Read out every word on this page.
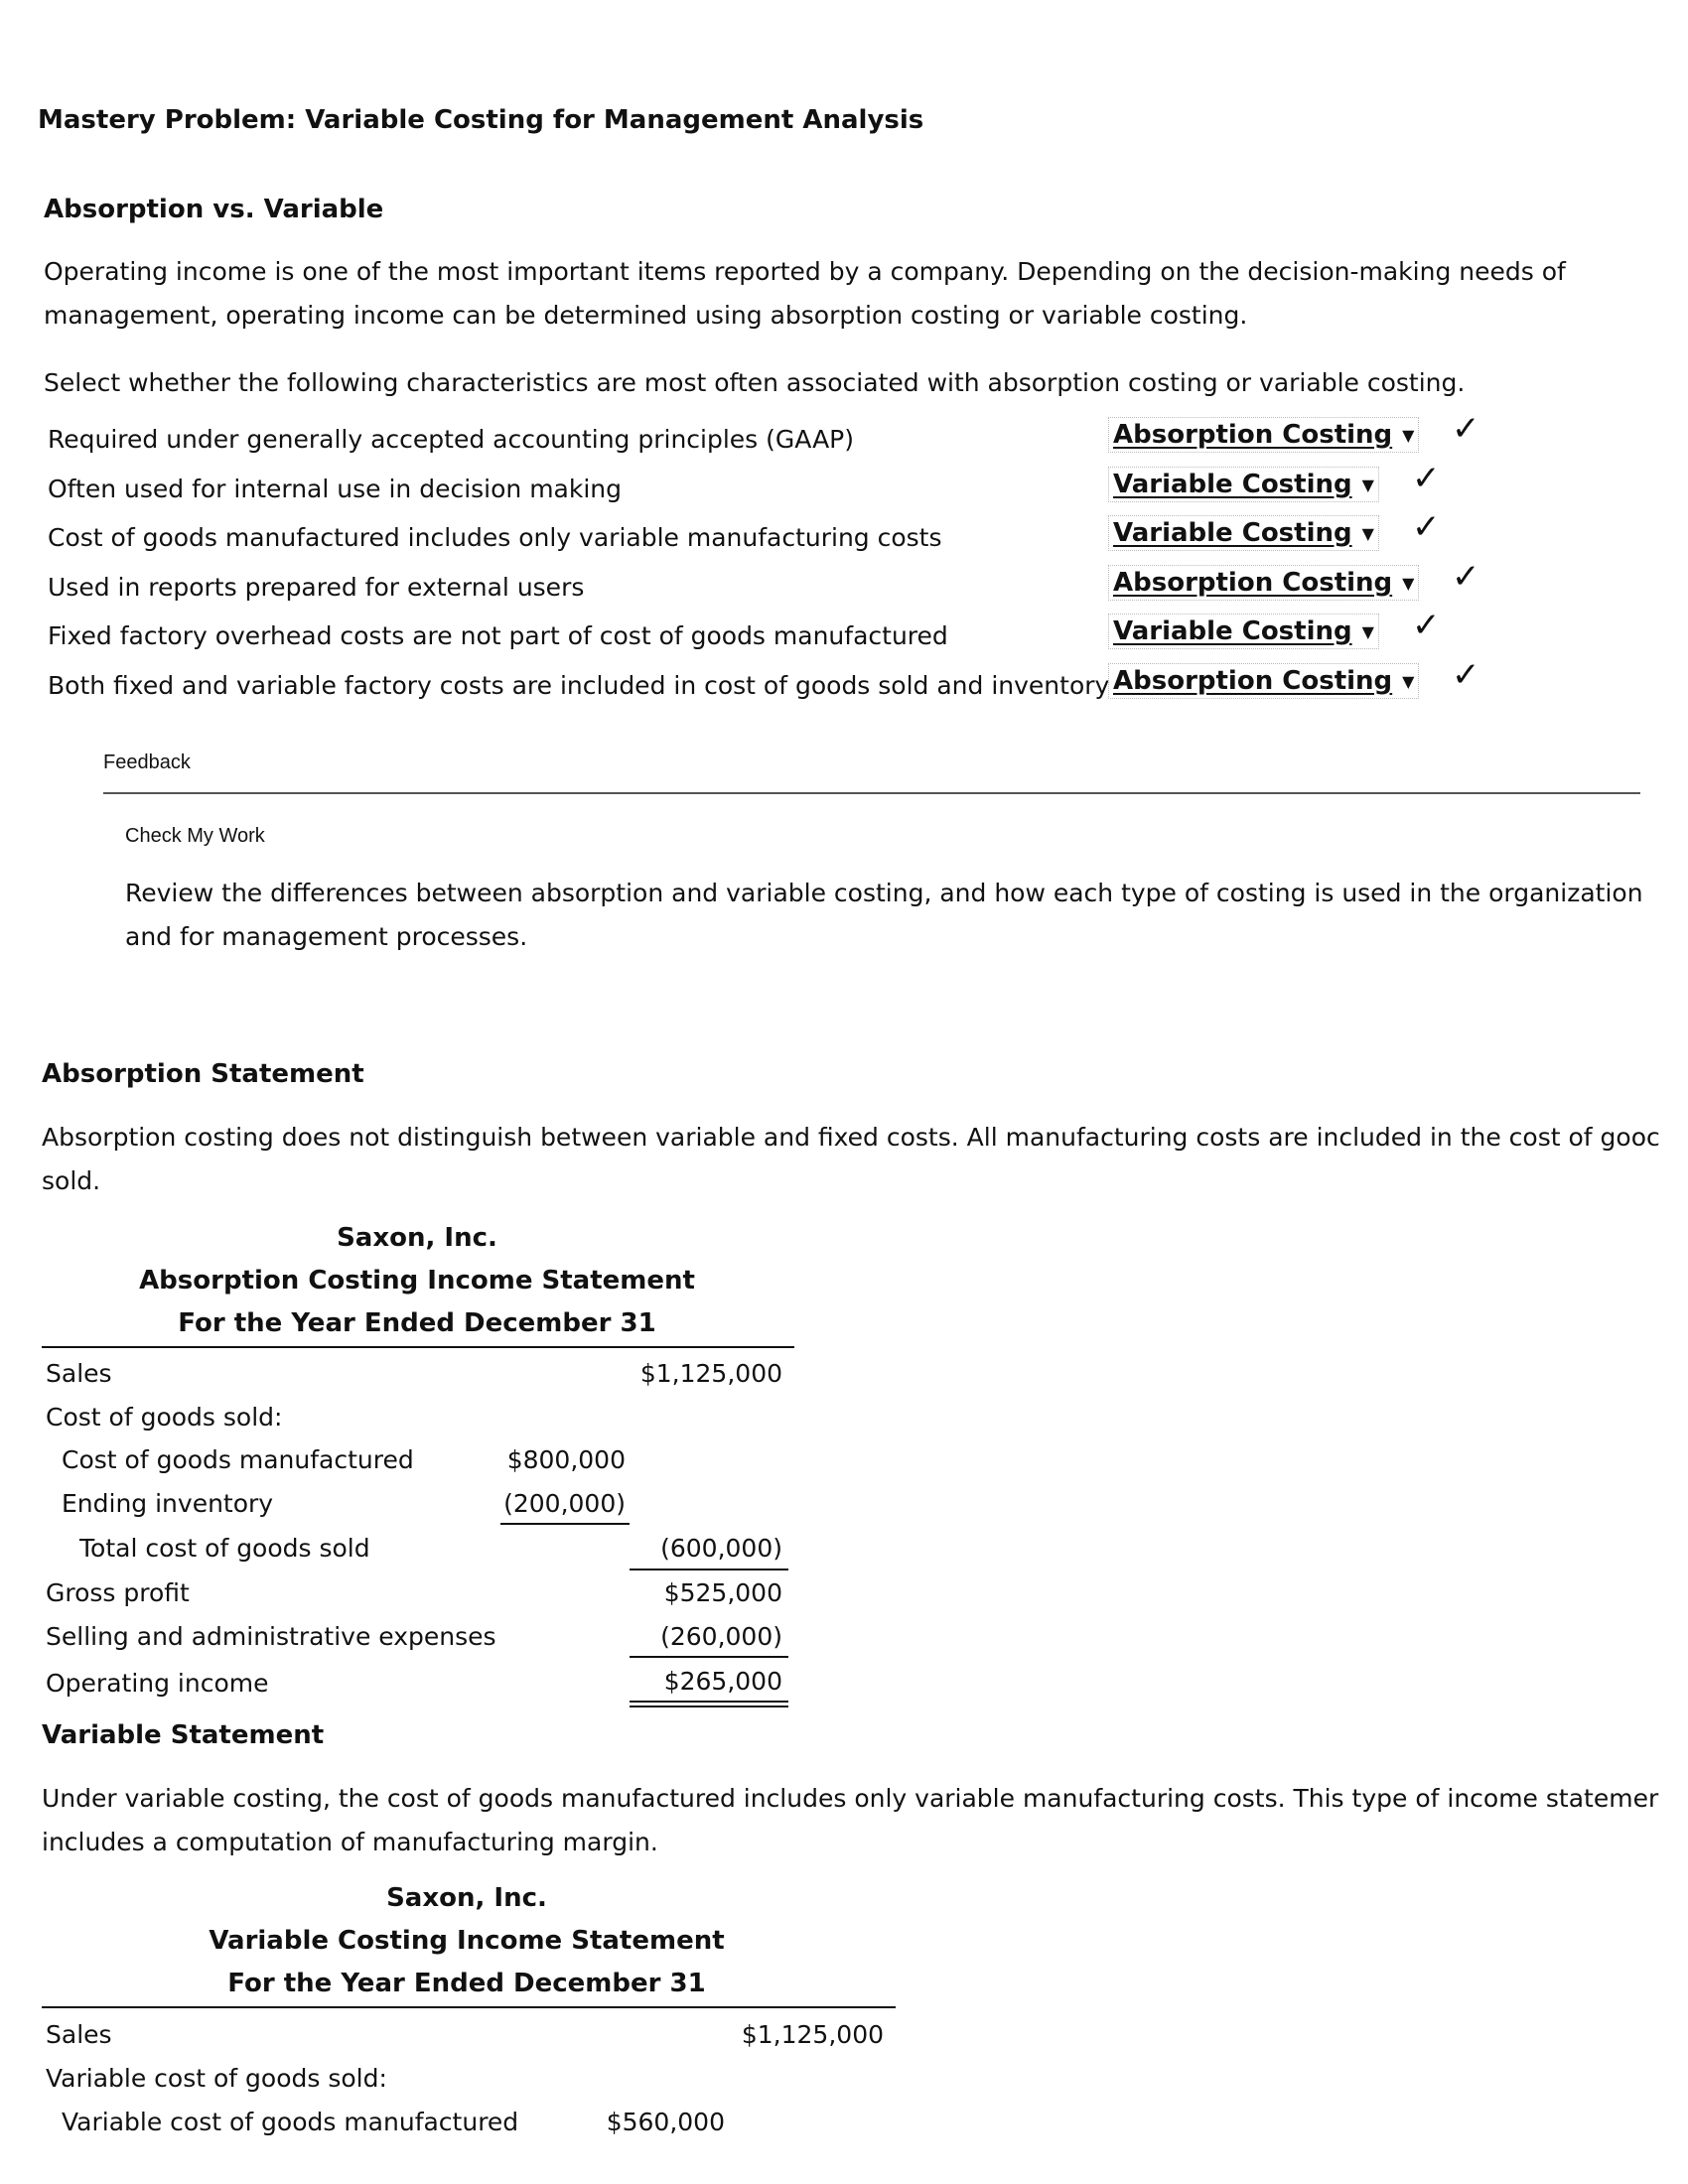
Mastery Problem: Variable Costing for Management Analysis
Absorption vs. Variable
Operating income is one of the most important items reported by a company. Depending on the decision-making needs of
management, operating income can be determined using absorption costing or variable costing.
Select whether the following characteristics are most often associated with absorption costing or variable costing.
Required under generally accepted accounting principles (GAAP)	Absorption Costing ▼ ✓
Often used for internal use in decision making	Variable Costing ▼ ✓
Cost of goods manufactured includes only variable manufacturing costs	Variable Costing ▼ ✓
Used in reports prepared for external users	Absorption Costing ▼ ✓
Fixed factory overhead costs are not part of cost of goods manufactured	Variable Costing ▼ ✓
Both fixed and variable factory costs are included in cost of goods sold and inventory Absorption Costing ▼ ✓
Feedback
Check My Work
Review the differences between absorption and variable costing, and how each type of costing is used in the organization
and for management processes.
Absorption Statement
Absorption costing does not distinguish between variable and fixed costs. All manufacturing costs are included in the cost of gooc
sold.
Saxon, Inc.
Absorption Costing Income Statement
For the Year Ended December 31
Sales	$1,125,000
Cost of goods sold:
Cost of goods manufactured	$800,000
Ending inventory	(200,000)
Total cost of goods sold	(600,000)
Gross profit	$525,000
Selling and administrative expenses	(260,000)
Operating income	$265,000
Variable Statement
Under variable costing, the cost of goods manufactured includes only variable manufacturing costs. This type of income statemer
includes a computation of manufacturing margin.
Saxon, Inc.
Variable Costing Income Statement
For the Year Ended December 31
Sales	$1,125,000
Variable cost of goods sold:
Variable cost of goods manufactured	$560,000
